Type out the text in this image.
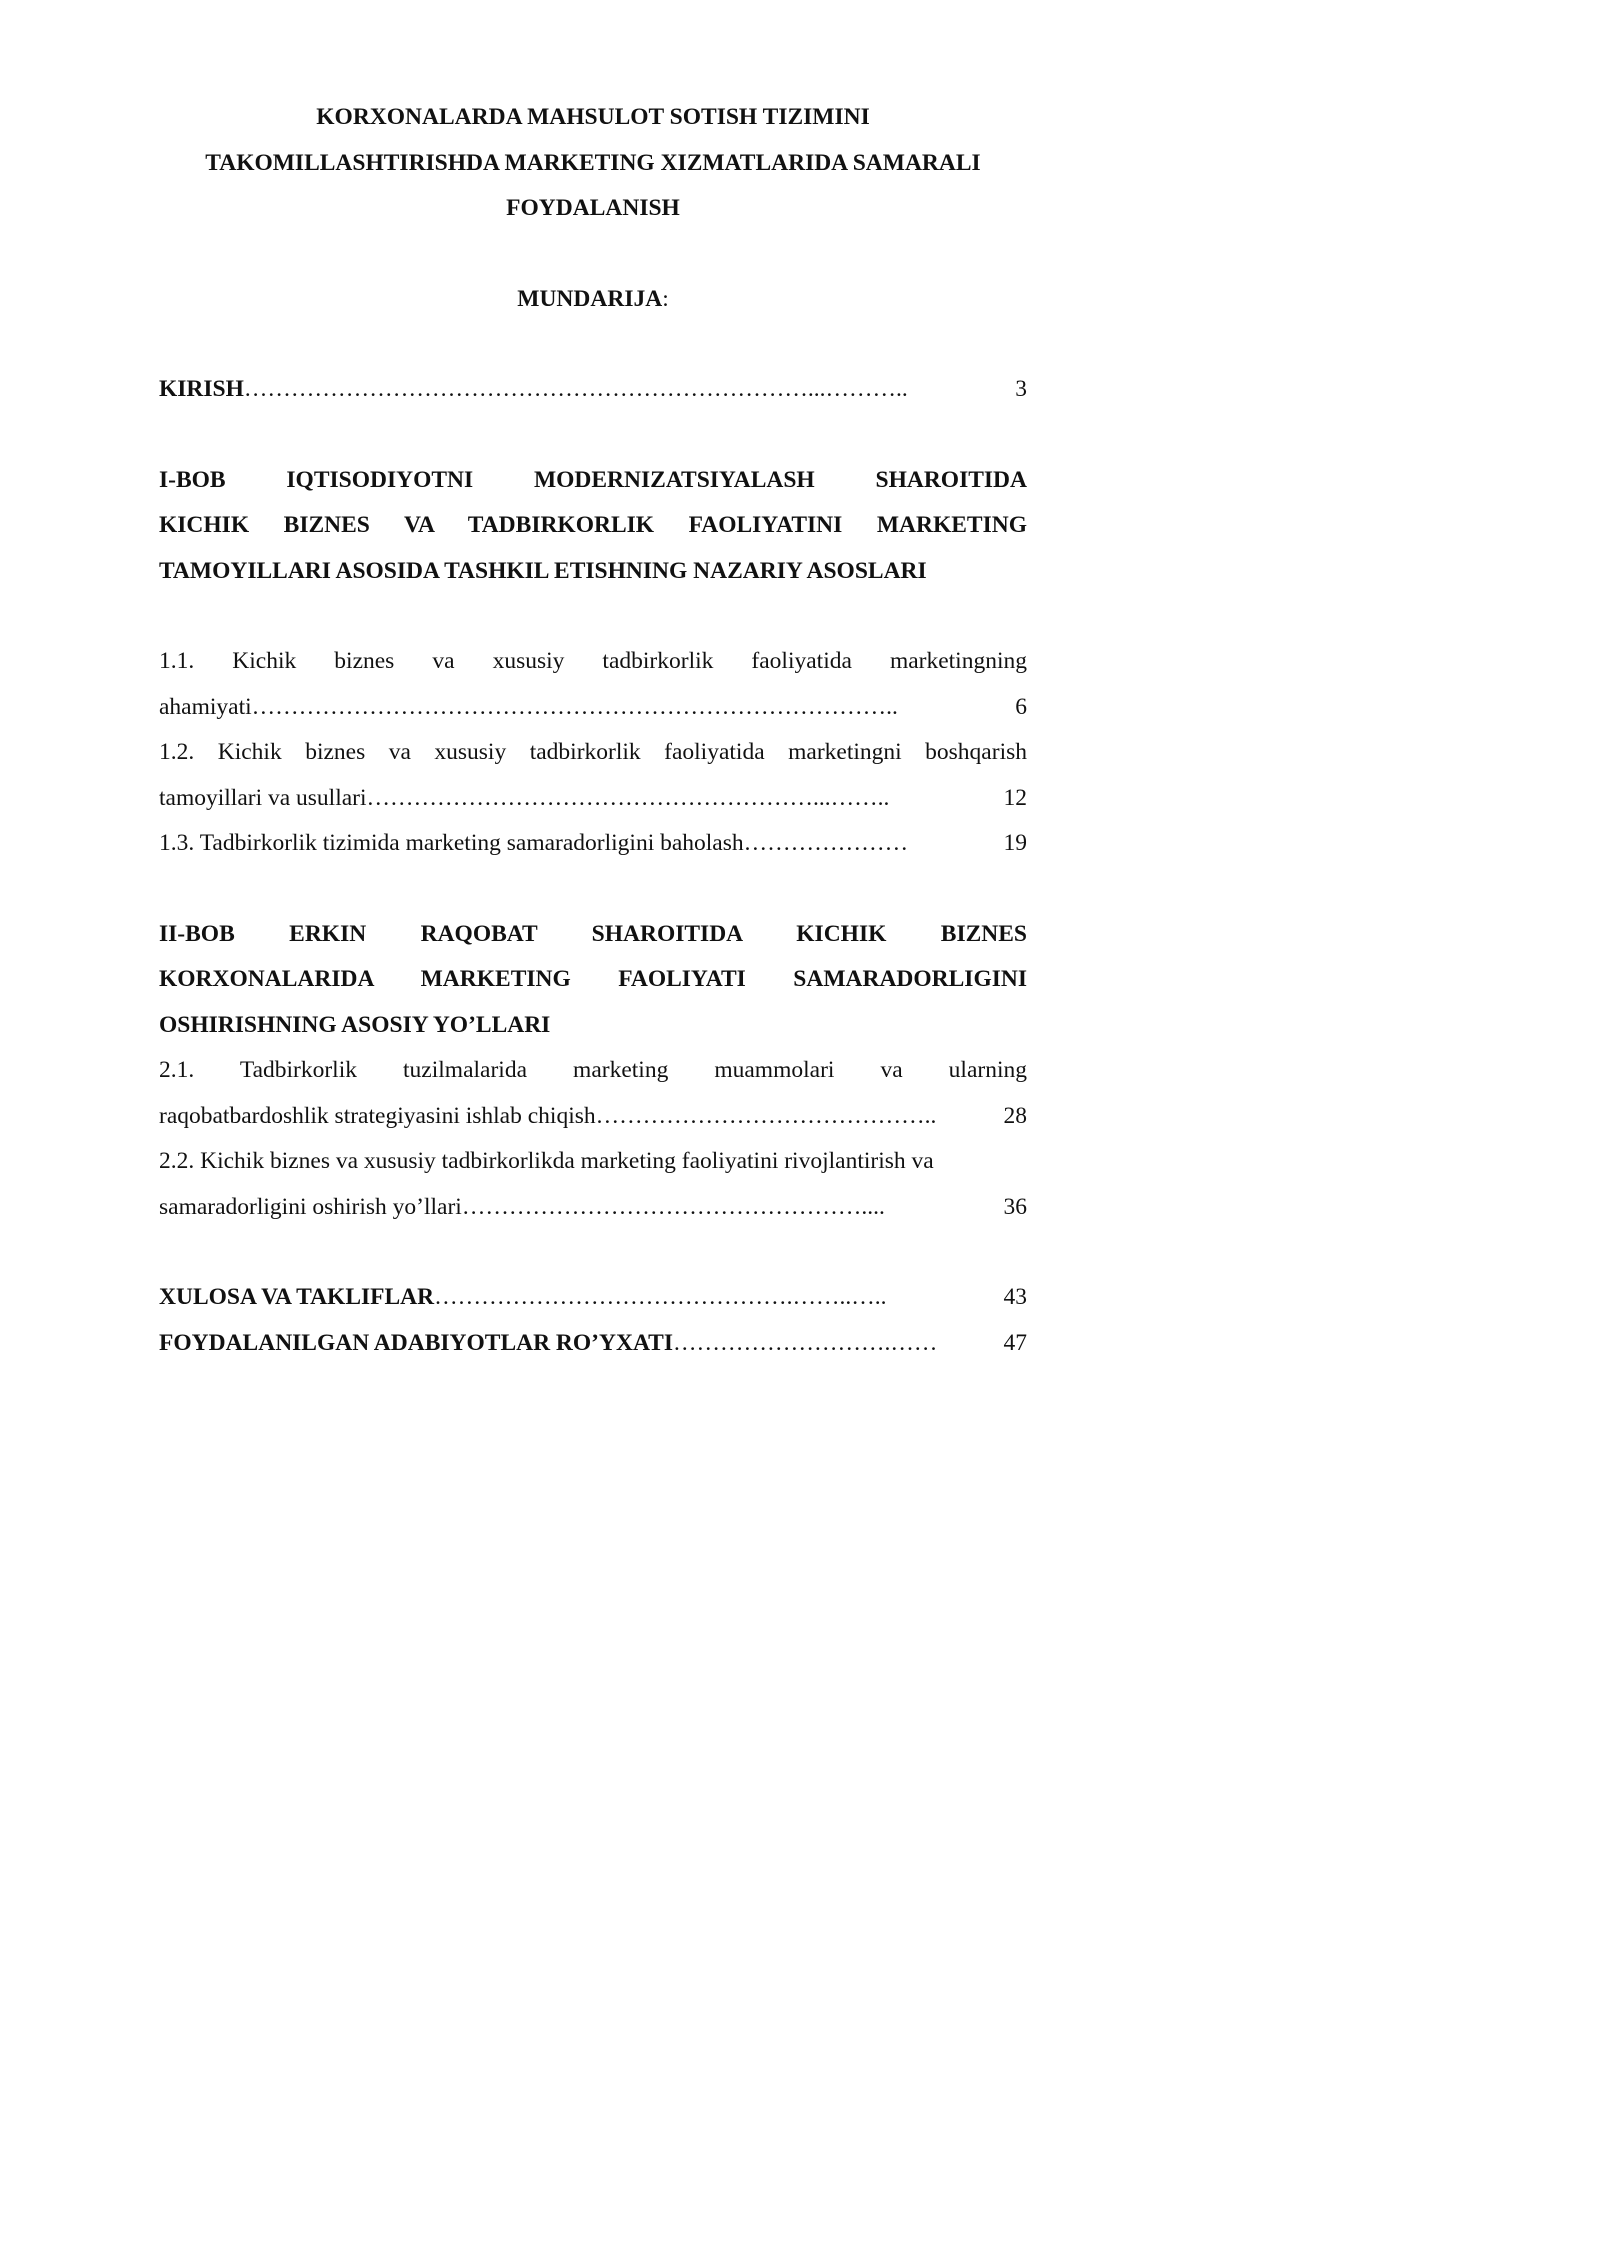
KORXONALARDA MAHSULOT SOTISH TIZIMINI
TAKOMILLASHTIRISHDA MARKETING XIZMATLARIDA SAMARALI
FOYDALANISH
MUNDARIJA:
KIRISH ………………………………………………………………...………..	3
I-BOB IQTISODIYOTNI MODERNIZATSIYALASH SHAROITIDA
KICHIK BIZNES VA TADBIRKORLIK FAOLIYATINI MARKETING
TAMOYILLARI ASOSIDA TASHKIL ETISHNING NAZARIY ASOSLARI
1.1. Kichik biznes va xususiy tadbirkorlik faoliyatida marketingning
ahamiyati ………………………………………………………………………..	6
1.2. Kichik biznes va xususiy tadbirkorlik faoliyatida marketingni boshqarish
tamoyillari va usullari …………………………………………………...……..	12
1.3. Tadbirkorlik tizimida marketing samaradorligini baholash …………………	19
II-BOB ERKIN RAQOBAT SHAROITIDA KICHIK BIZNES
KORXONALARIDA MARKETING FAOLIYATI SAMARADORLIGINI
OSHIRISHNING ASOSIY YO’LLARI
2.1. Tadbirkorlik tuzilmalarida marketing muammolari va ularning
raqobatbardoshlik strategiyasini ishlab chiqish ……………………………………..	28
2.2. Kichik biznes va xususiy tadbirkorlikda marketing faoliyatini rivojlantirish va
samaradorligini oshirish yo’llari ……………………………………………....	36
XULOSA VA TAKLIFLAR ……………………………………….……..…..	43
FOYDALANILGAN ADABIYOTLAR RO’YXATI ……………………….……	47
